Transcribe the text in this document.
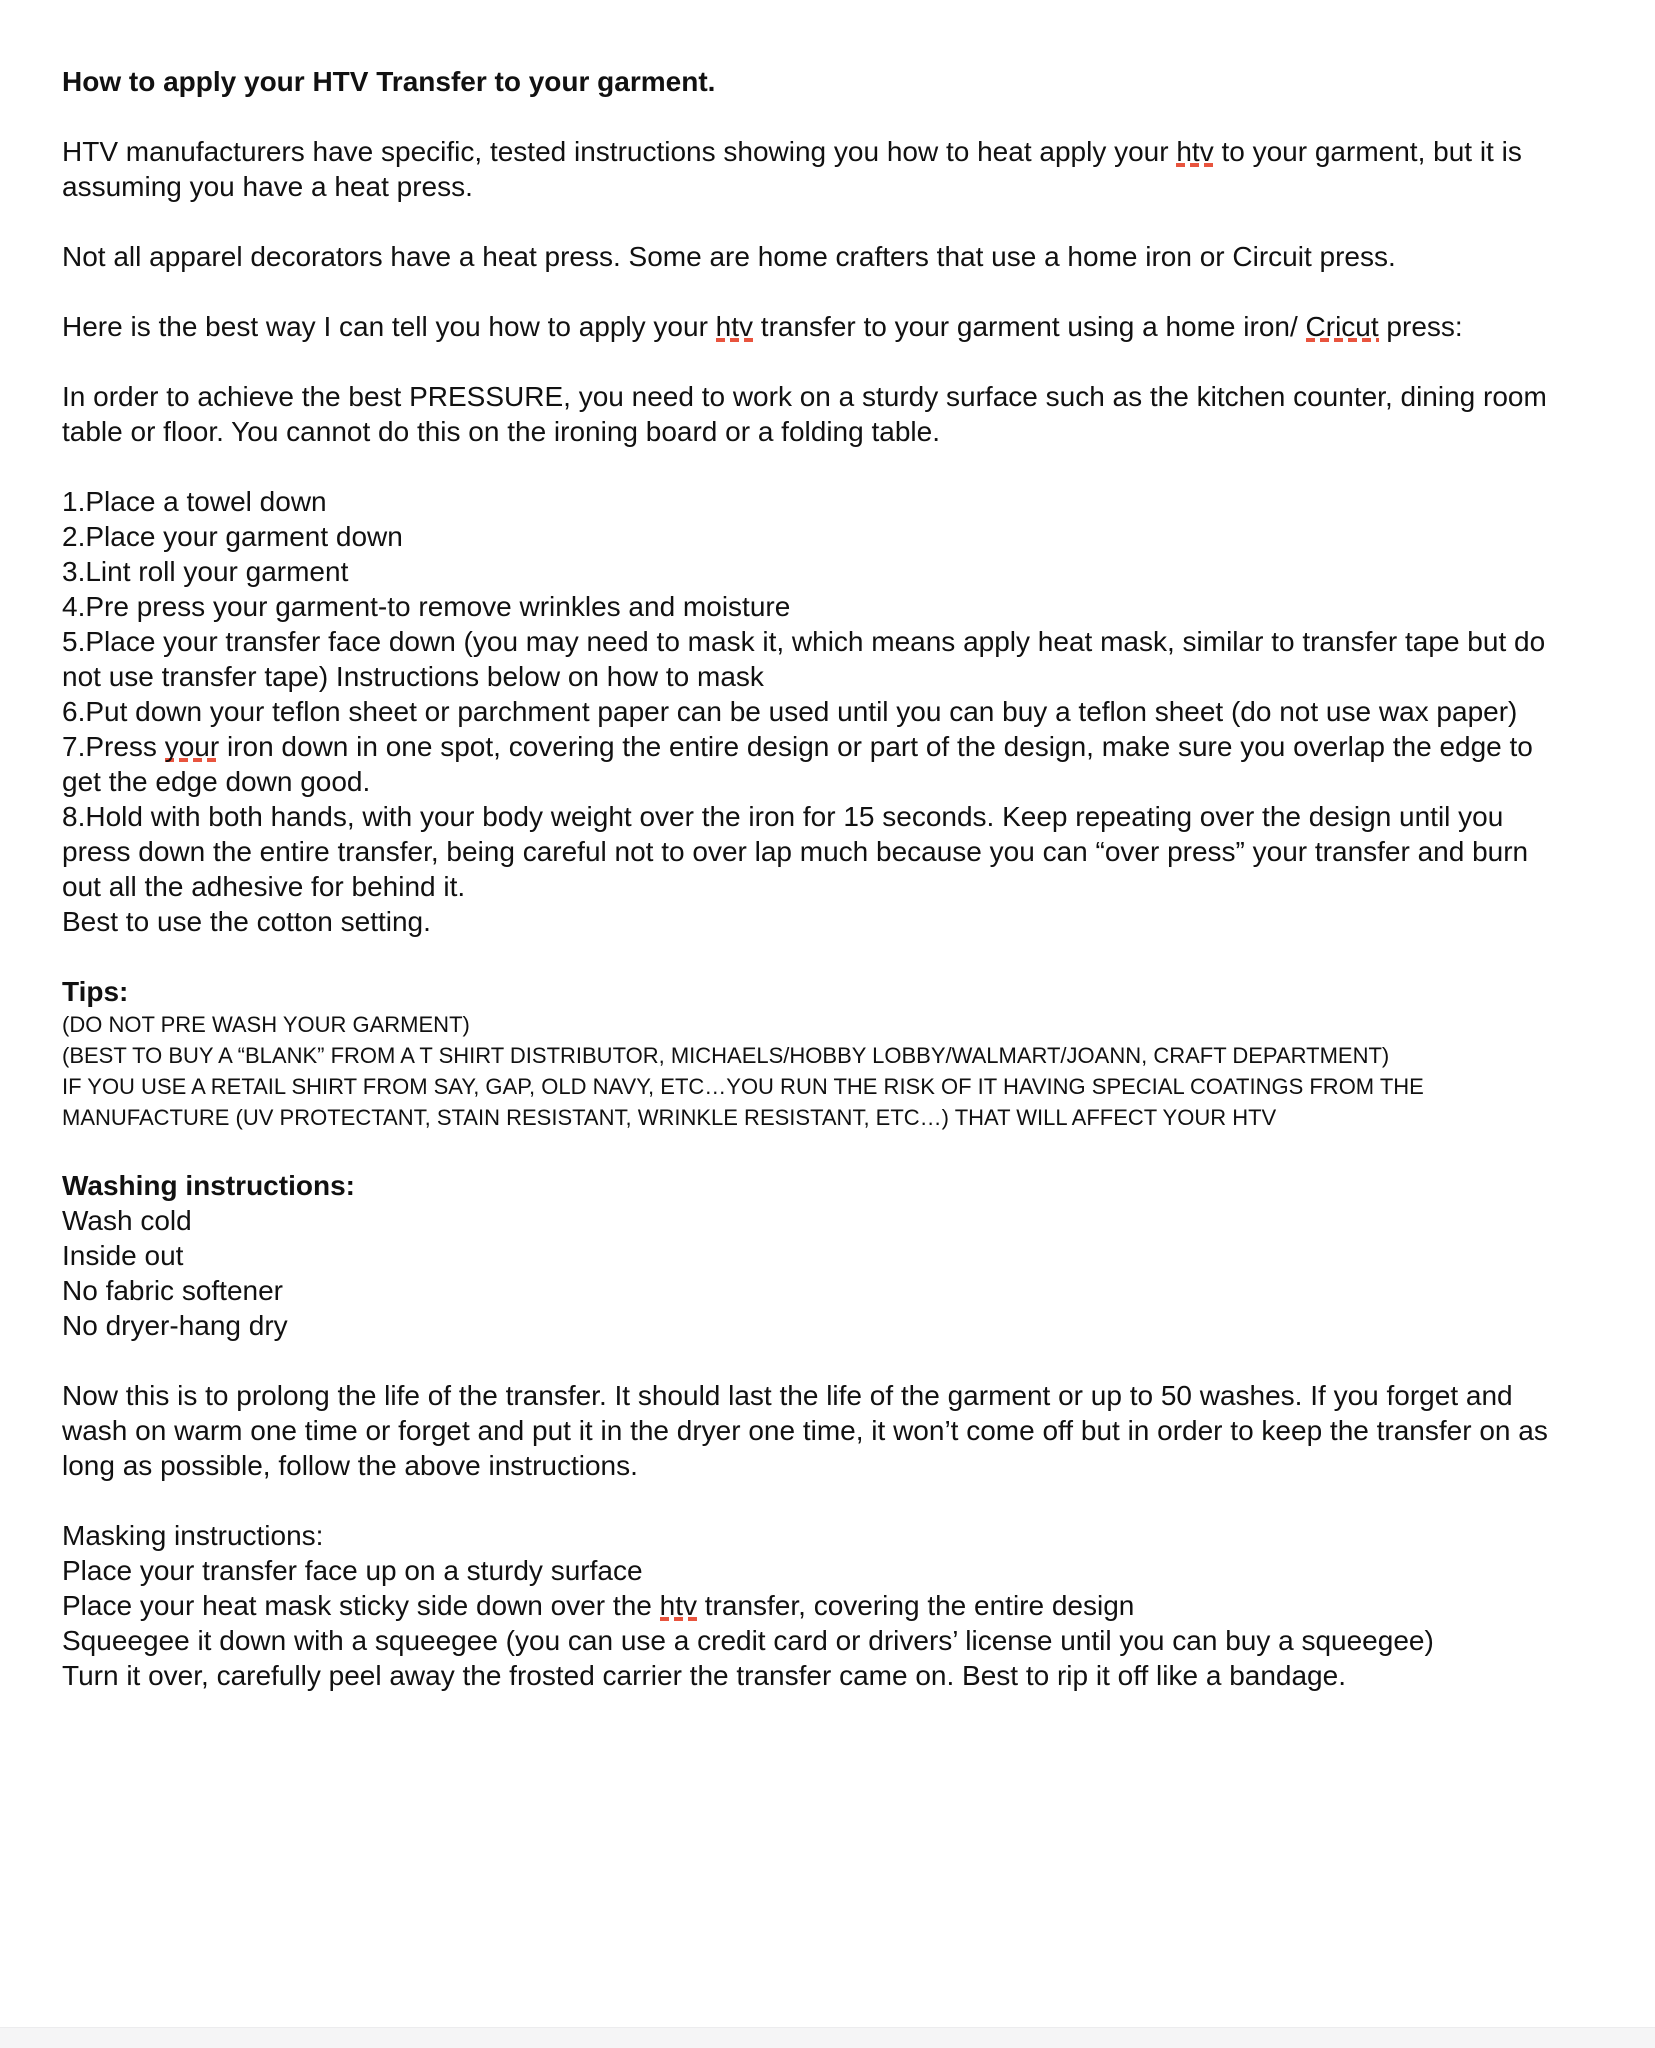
How to apply your HTV Transfer to your garment.

HTV manufacturers have specific, tested instructions showing you how to heat apply your htv to your garment, but it is assuming you have a heat press.

Not all apparel decorators have a heat press. Some are home crafters that use a home iron or Circuit press.

Here is the best way I can tell you how to apply your htv transfer to your garment using a home iron/ Cricut press:

In order to achieve the best PRESSURE, you need to work on a sturdy surface such as the kitchen counter, dining room table or floor. You cannot do this on the ironing board or a folding table.

1.Place a towel down

2.Place your garment down

3.Lint roll your garment

4.Pre press your garment-to remove wrinkles and moisture

5.Place your transfer face down (you may need to mask it, which means apply heat mask, similar to transfer tape but do not use transfer tape) Instructions below on how to mask

6.Put down your teflon sheet or parchment paper can be used until you can buy a teflon sheet (do not use wax paper)

7.Press your iron down in one spot, covering the entire design or part of the design, make sure you overlap the edge to get the edge down good.

8.Hold with both hands, with your body weight over the iron for 15 seconds. Keep repeating over the design until you press down the entire transfer, being careful not to over lap much because you can “over press” your transfer and burn out all the adhesive for behind it.

Best to use the cotton setting.

Tips:

(DO NOT PRE WASH YOUR GARMENT)

(BEST TO BUY A “BLANK” FROM A T SHIRT DISTRIBUTOR, MICHAELS/HOBBY LOBBY/WALMART/JOANN, CRAFT DEPARTMENT)

IF YOU USE A RETAIL SHIRT FROM SAY, GAP, OLD NAVY, ETC…YOU RUN THE RISK OF IT HAVING SPECIAL COATINGS FROM THE MANUFACTURE (UV PROTECTANT, STAIN RESISTANT, WRINKLE RESISTANT, ETC…) THAT WILL AFFECT YOUR HTV

Washing instructions:

Wash cold

Inside out

No fabric softener

No dryer-hang dry

Now this is to prolong the life of the transfer. It should last the life of the garment or up to 50 washes. If you forget and wash on warm one time or forget and put it in the dryer one time, it won’t come off but in order to keep the transfer on as long as possible, follow the above instructions.

Masking instructions:

Place your transfer face up on a sturdy surface

Place your heat mask sticky side down over the htv transfer, covering the entire design

Squeegee it down with a squeegee (you can use a credit card or drivers’ license until you can buy a squeegee)

Turn it over, carefully peel away the frosted carrier the transfer came on. Best to rip it off like a bandage.
